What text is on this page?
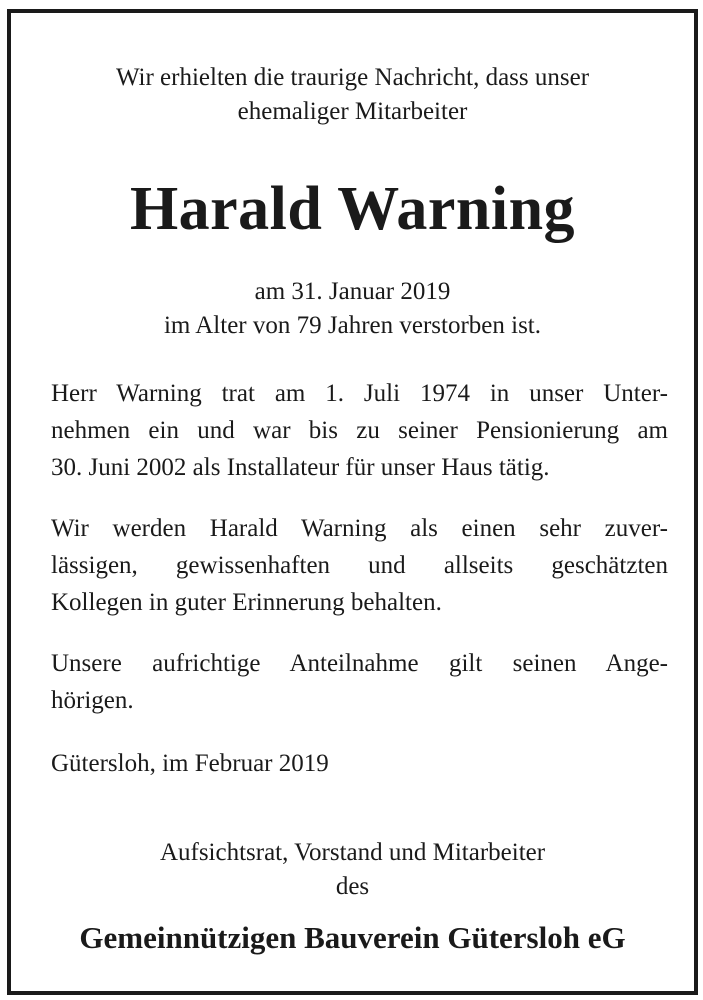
Wir erhielten die traurige Nachricht, dass unser
ehemaliger Mitarbeiter
Harald Warning
am 31. Januar 2019
im Alter von 79 Jahren verstorben ist.
Herr Warning trat am 1. Juli 1974 in unser Unter-
nehmen ein und war bis zu seiner Pensionierung am
30. Juni 2002 als Installateur für unser Haus tätig.
Wir werden Harald Warning als einen sehr zuver-
lässigen, gewissenhaften und allseits geschätzten
Kollegen in guter Erinnerung behalten.
Unsere aufrichtige Anteilnahme gilt seinen Ange-
hörigen.
Gütersloh, im Februar 2019
Aufsichtsrat, Vorstand und Mitarbeiter
des
Gemeinnützigen Bauverein Gütersloh eG
